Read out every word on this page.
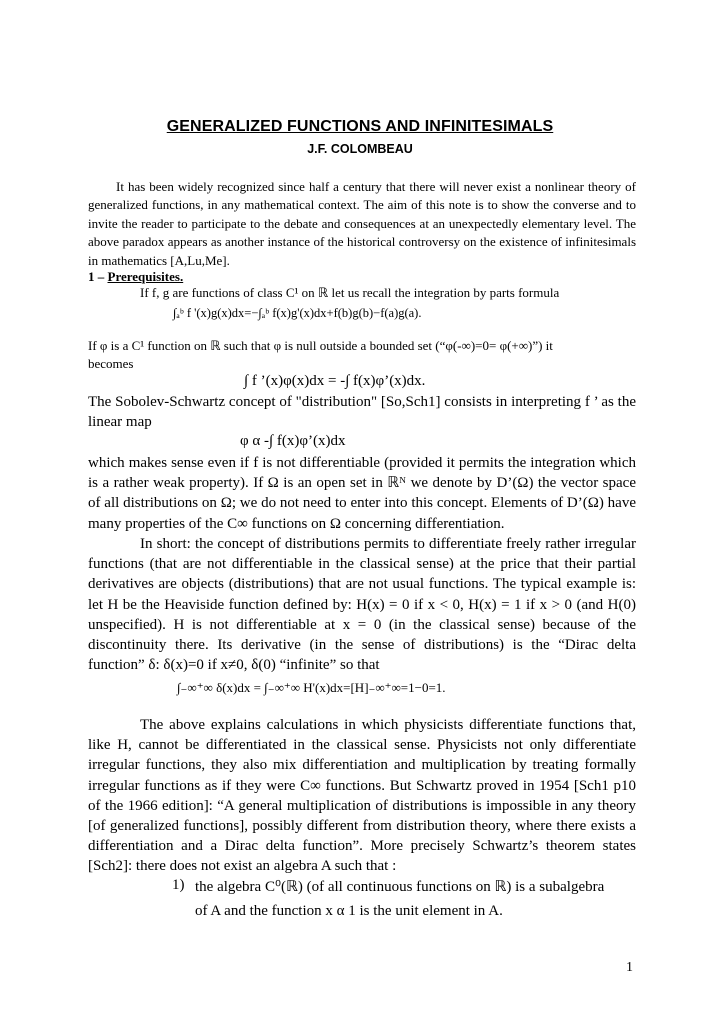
GENERALIZED FUNCTIONS AND INFINITESIMALS
J.F. COLOMBEAU

It has been widely recognized since half a century that there will never exist a nonlinear theory of generalized functions, in any mathematical context. The aim of this note is to show the converse and to invite the reader to participate to the debate and consequences at an unexpectedly elementary level. The above paradox appears as another instance of the historical controversy on the existence of infinitesimals in mathematics [A,Lu,Me].

1 – Prerequisites.
If f, g are functions of class C¹ on ℝ let us recall the integration by parts formula
∫ₐᵇ f '(x)g(x)dx=−∫ₐᵇ f(x)g'(x)dx+f(b)g(b)−f(a)g(a).
If φ is a C¹ function on ℝ such that φ is null outside a bounded set (“φ(-∞)=0= φ(+∞)”) it
becomes
∫ f ’(x)φ(x)dx = -∫ f(x)φ’(x)dx.

The Sobolev-Schwartz concept of "distribution" [So,Sch1] consists in interpreting f ’ as the linear map

φ α -∫ f(x)φ’(x)dx

which makes sense even if f is not differentiable (provided it permits the integration which is a rather weak property). If Ω is an open set in ℝᴺ we denote by D’(Ω) the vector space of all distributions on Ω; we do not need to enter into this concept. Elements of D’(Ω) have many properties of the C∞ functions on Ω concerning differentiation.

In short: the concept of distributions permits to differentiate freely rather irregular functions (that are not differentiable in the classical sense) at the price that their partial derivatives are objects (distributions) that are not usual functions. The typical example is: let H be the Heaviside function defined by: H(x) = 0 if x < 0, H(x) = 1 if x > 0 (and H(0) unspecified). H is not differentiable at x = 0 (in the classical sense) because of the discontinuity there. Its derivative (in the sense of distributions) is the “Dirac delta function” δ: δ(x)=0 if x≠0, δ(0) “infinite” so that

∫₋∞⁺∞ δ(x)dx = ∫₋∞⁺∞ H'(x)dx=[H]₋∞⁺∞=1−0=1.

The above explains calculations in which physicists differentiate functions that, like H, cannot be differentiated in the classical sense. Physicists not only differentiate irregular functions, they also mix differentiation and multiplication by treating formally irregular functions as if they were C∞ functions. But Schwartz proved in 1954 [Sch1 p10 of the 1966 edition]: “A general multiplication of distributions is impossible in any theory [of generalized functions], possibly different from distribution theory, where there exists a differentiation and a Dirac delta function”. More precisely Schwartz’s theorem states [Sch2]: there does not exist an algebra A such that :

1) the algebra C⁰(ℝ) (of all continuous functions on ℝ) is a subalgebra
of A and the function x α 1 is the unit element in A.
1
